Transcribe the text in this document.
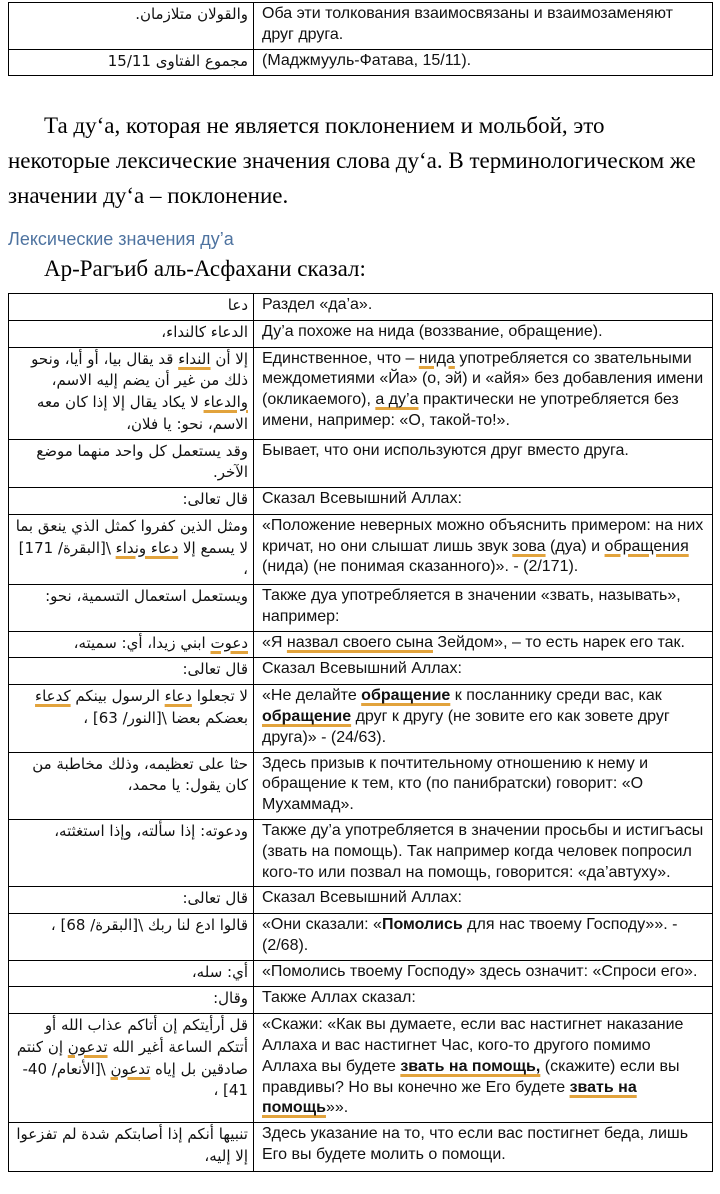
والقولان متلازمان.	Оба эти толкования взаимосвязаны и взаимозаменяют друг друга.
مجموع الفتاوى 15/11	(Маджмууль-Фатава, 15/11).

Та ду‘а, которая не является поклонением и мольбой, это некоторые лексические значения слова ду‘а. В терминологическом же значении ду‘а – поклонение.

Лексические значения ду’а

Ар-Рагъиб аль-Асфахани сказал:

دعا	Раздел «да’а».
الدعاء كالنداء،	Ду’а похоже на нида (воззвание, обращение).
إلا أن النداء قد يقال بيا، أو أيا، ونحو ذلك من غير أن يضم إليه الاسم، والدعاء لا يكاد يقال إلا إذا كان معه الاسم، نحو: يا فلان،	Единственное, что – нида употребляется со звательными междометиями «Йа» (о, эй) и «айя» без добавления имени (окликаемого), а ду’а практически не употребляется без имени, например: «О, такой-то!».
وقد يستعمل كل واحد منهما موضع الآخر.	Бывает, что они используются друг вместо друга.
قال تعالى:	Сказал Всевышний Аллах:
ومثل الذين كفروا كمثل الذي ينعق بما لا يسمع إلا دعاء ونداء \[البقرة/ 171] ،	«Положение неверных можно объяснить примером: на них кричат, но они слышат лишь звук зова (дуа) и обращения (нида) (не понимая сказанного)». - (2/171).
ويستعمل استعمال التسمية، نحو:	Также дуа употребляется в значении «звать, называть», например:
دعوت ابني زيدا، أي: سميته،	«Я назвал своего сына Зейдом», – то есть нарек его так.
قال تعالى:	Сказал Всевышний Аллах:
لا تجعلوا دعاء الرسول بينكم كدعاء بعضكم بعضا \[النور/ 63] ،	«Не делайте обращение к посланнику среди вас, как обращение друг к другу (не зовите его как зовете друг друга)» - (24/63).
حثا على تعظيمه، وذلك مخاطبة من كان يقول: يا محمد،	Здесь призыв к почтительному отношению к нему и обращение к тем, кто (по панибратски) говорит: «О Мухаммад».
ودعوته: إذا سألته، وإذا استغثته،	Также ду’а употребляется в значении просьбы и истигъасы (звать на помощь). Так например когда человек попросил кого-то или позвал на помощь, говорится: «да’автуху».
قال تعالى:	Сказал Всевышний Аллах:
قالوا ادع لنا ربك \[البقرة/ 68] ،	«Они сказали: «Помолись для нас твоему Господу»». - (2/68).
أي: سله،	«Помолись твоему Господу» здесь означит: «Спроси его».
وقال:	Также Аллах сказал:
قل أرأيتكم إن أتاكم عذاب الله أو أتتكم الساعة أغير الله تدعون إن كنتم صادقين بل إياه تدعون \[الأنعام/ 40- 41] ،	«Скажи: «Как вы думаете, если вас настигнет наказание Аллаха и вас настигнет Час, кого-то другого помимо Аллаха вы будете звать на помощь, (скажите) если вы правдивы? Но вы конечно же Его будете звать на помощь»».
تنبيها أنكم إذا أصابتكم شدة لم تفزعوا إلا إليه،	Здесь указание на то, что если вас постигнет беда, лишь Его вы будете молить о помощи.
